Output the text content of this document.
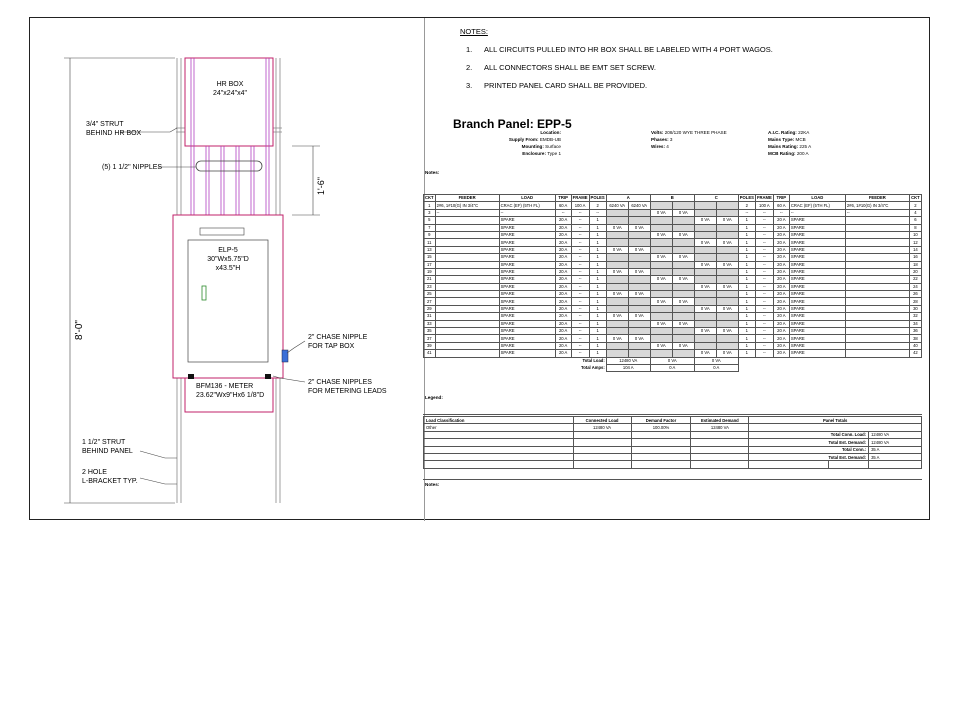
1'-6"
8'-0"
HR BOX
24"x24"x4"
3/4" STRUT
BEHIND HR BOX
(5) 1 1/2" NIPPLES
ELP-5
30"Wx5.75"D
x43.5"H
2" CHASE NIPPLE
FOR TAP BOX
BFM136 - METER
23.62"Wx9"Hx6 1/8"D
2" CHASE NIPPLES
FOR METERING LEADS
1 1/2" STRUT
BEHIND PANEL
2 HOLE
L-BRACKET TYP.
NOTES:
1. ALL CIRCUITS PULLED INTO HR BOX SHALL BE LABELED WITH 4 PORT WAGOS.
2. ALL CONNECTORS SHALL BE EMT SET SCREW.
3. PRINTED PANEL CARD SHALL BE PROVIDED.
Branch Panel: EPP-5
Location:
Supply From: EMDB-UB
Mounting: Surface
Enclosure: Type 1
Volts: 208/120 WYE THREE PHASE
Phases: 3
Wires: 4
A.I.C. Rating: 22KA
Mains Type: MCB
Mains Rating: 225 A
MCB Rating: 200 A
Notes:
CKT	FEEDER	LOAD	TRIP	FRAME	POLES	A		B		C		POLES	FRAME	TRIP	LOAD	FEEDER	CKT
1	2#6, 1#10(G) IN 3/4"C	CRAC (EF) (5TH FL)	60 A	100 A	2	6240 VA	6240 VA					2	100 A	60 A	CRAC (EF) (5TH FL)	2#6, 1#10(G) IN 3/4"C	2
3	--	--	--	--	--			0 VA	0 VA			--	--	--	--	--	4
5		SPARE	20 A	--	1					0 VA	0 VA	1	--	20 A	SPARE		6
7		SPARE	20 A	--	1	0 VA	0 VA					1	--	20 A	SPARE		8
9		SPARE	20 A	--	1			0 VA	0 VA			1	--	20 A	SPARE		10
11		SPARE	20 A	--	1					0 VA	0 VA	1	--	20 A	SPARE		12
13		SPARE	20 A	--	1	0 VA	0 VA					1	--	20 A	SPARE		14
15		SPARE	20 A	--	1			0 VA	0 VA			1	--	20 A	SPARE		16
17		SPARE	20 A	--	1					0 VA	0 VA	1	--	20 A	SPARE		18
19		SPARE	20 A	--	1	0 VA	0 VA					1	--	20 A	SPARE		20
21		SPARE	20 A	--	1			0 VA	0 VA			1	--	20 A	SPARE		22
23		SPARE	20 A	--	1					0 VA	0 VA	1	--	20 A	SPARE		24
25		SPARE	20 A	--	1	0 VA	0 VA					1	--	20 A	SPARE		26
27		SPARE	20 A	--	1			0 VA	0 VA			1	--	20 A	SPARE		28
29		SPARE	20 A	--	1					0 VA	0 VA	1	--	20 A	SPARE		30
31		SPARE	20 A	--	1	0 VA	0 VA					1	--	20 A	SPARE		32
33		SPARE	20 A	--	1			0 VA	0 VA			1	--	20 A	SPARE		34
35		SPARE	20 A	--	1					0 VA	0 VA	1	--	20 A	SPARE		36
37		SPARE	20 A	--	1	0 VA	0 VA					1	--	20 A	SPARE		38
39		SPARE	20 A	--	1			0 VA	0 VA			1	--	20 A	SPARE		40
41		SPARE	20 A	--	1					0 VA	0 VA	1	--	20 A	SPARE		42
Total Load:						12480 VA		0 VA		0 VA							
Total Amps:						104 A		0 A		0 A							
Legend:
Load Classification	Connected Load	Demand Factor	Estimated Demand	Panel Totals		
Other	12480 VA	100.00%	12480 VA			
				Total Conn. Load:		12480 VA
				Total Est. Demand:		12480 VA
				Total Conn.:		35 A
				Total Est. Demand:		35 A

Notes:
